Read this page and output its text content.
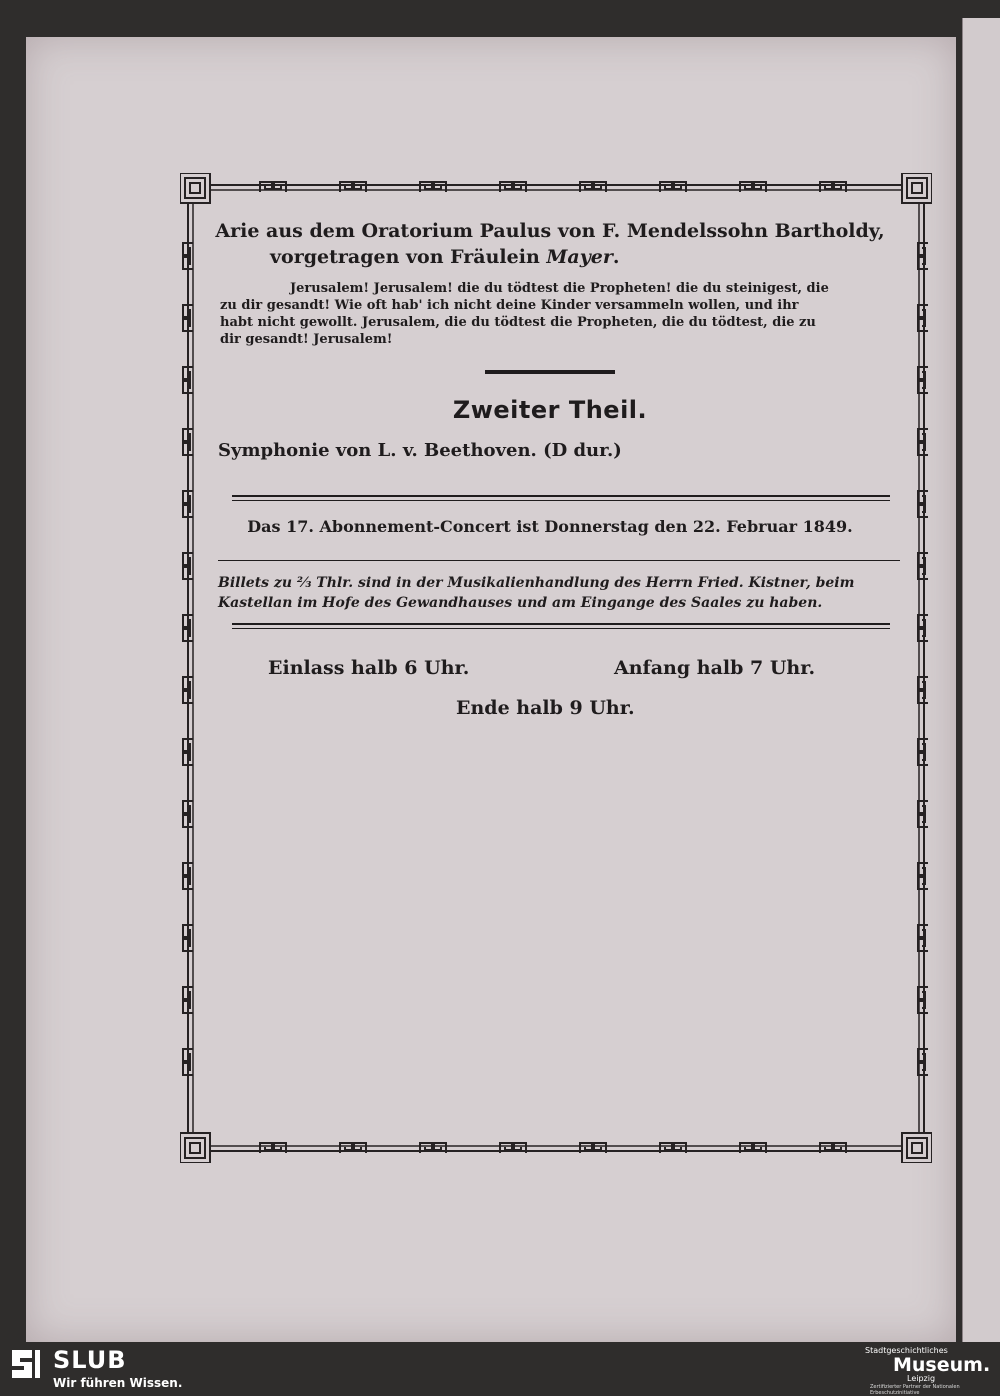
Arie aus dem Oratorium Paulus von F. Mendelssohn Bartholdy,
vorgetragen von Fräulein Mayer.
Jerusalem! Jerusalem! die du tödtest die Propheten! die du steinigest, die
zu dir gesandt! Wie oft hab' ich nicht deine Kinder versammeln wollen, und ihr
habt nicht gewollt. Jerusalem, die du tödtest die Propheten, die du tödtest, die zu
dir gesandt! Jerusalem!
Zweiter Theil.
Symphonie von L. v. Beethoven. (D dur.)
Das 17. Abonnement-Concert ist Donnerstag den 22. Februar 1849.
Billets zu ⅔ Thlr. sind in der Musikalienhandlung des Herrn Fried. Kistner, beim
Kastellan im Hofe des Gewandhauses und am Eingange des Saales zu haben.
Einlass halb 6 Uhr.	Anfang halb 7 Uhr.
Ende halb 9 Uhr.
SLUB
Wir führen Wissen.
Stadtgeschichtliches
Museum.
Leipzig
Zertifizierter Partner der Nationalen Erbeschutzinitiative
